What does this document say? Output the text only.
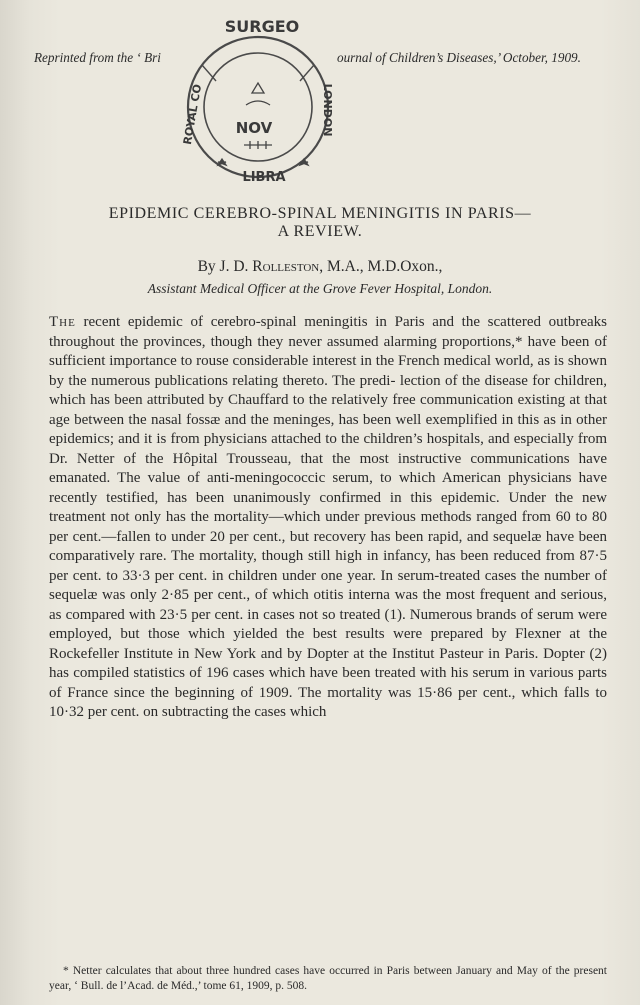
SURGEO
NOV
LIBRA
ROYAL CO	LONDON
Reprinted from the ‘ Bri	ournal of Children’s Diseases,’ October, 1909.
EPIDEMIC CEREBRO-SPINAL MENINGITIS IN PARIS—
A REVIEW.
By J. D. Rolleston, M.A., M.D.Oxon.,
Assistant Medical Officer at the Grove Fever Hospital, London.
The recent epidemic of cerebro-spinal meningitis in Paris and the scattered outbreaks throughout the provinces, though they never assumed alarming proportions,* have been of sufficient importance to rouse considerable interest in the French medical world, as is shown by the numerous publications relating thereto. The predi- lection of the disease for children, which has been attributed by Chauffard to the relatively free communication existing at that age between the nasal fossæ and the meninges, has been well exemplified in this as in other epidemics; and it is from physicians attached to the children’s hospitals, and especially from Dr. Netter of the Hôpital Trousseau, that the most instructive communications have emanated. The value of anti-meningococcic serum, to which American physicians have recently testified, has been unanimously confirmed in this epidemic. Under the new treatment not only has the mortality—which under previous methods ranged from 60 to 80 per cent.—fallen to under 20 per cent., but recovery has been rapid, and sequelæ have been comparatively rare. The mortality, though still high in infancy, has been reduced from 87·5 per cent. to 33·3 per cent. in children under one year. In serum-treated cases the number of sequelæ was only 2·85 per cent., of which otitis interna was the most frequent and serious, as compared with 23·5 per cent. in cases not so treated (1). Numerous brands of serum were employed, but those which yielded the best results were prepared by Flexner at the Rockefeller Institute in New York and by Dopter at the Institut Pasteur in Paris. Dopter (2) has compiled statistics of 196 cases which have been treated with his serum in various parts of France since the beginning of 1909. The mortality was 15·86 per cent., which falls to 10·32 per cent. on subtracting the cases which
* Netter calculates that about three hundred cases have occurred in Paris between January and May of the present year, ‘ Bull. de l’Acad. de Méd.,’ tome 61, 1909, p. 508.
